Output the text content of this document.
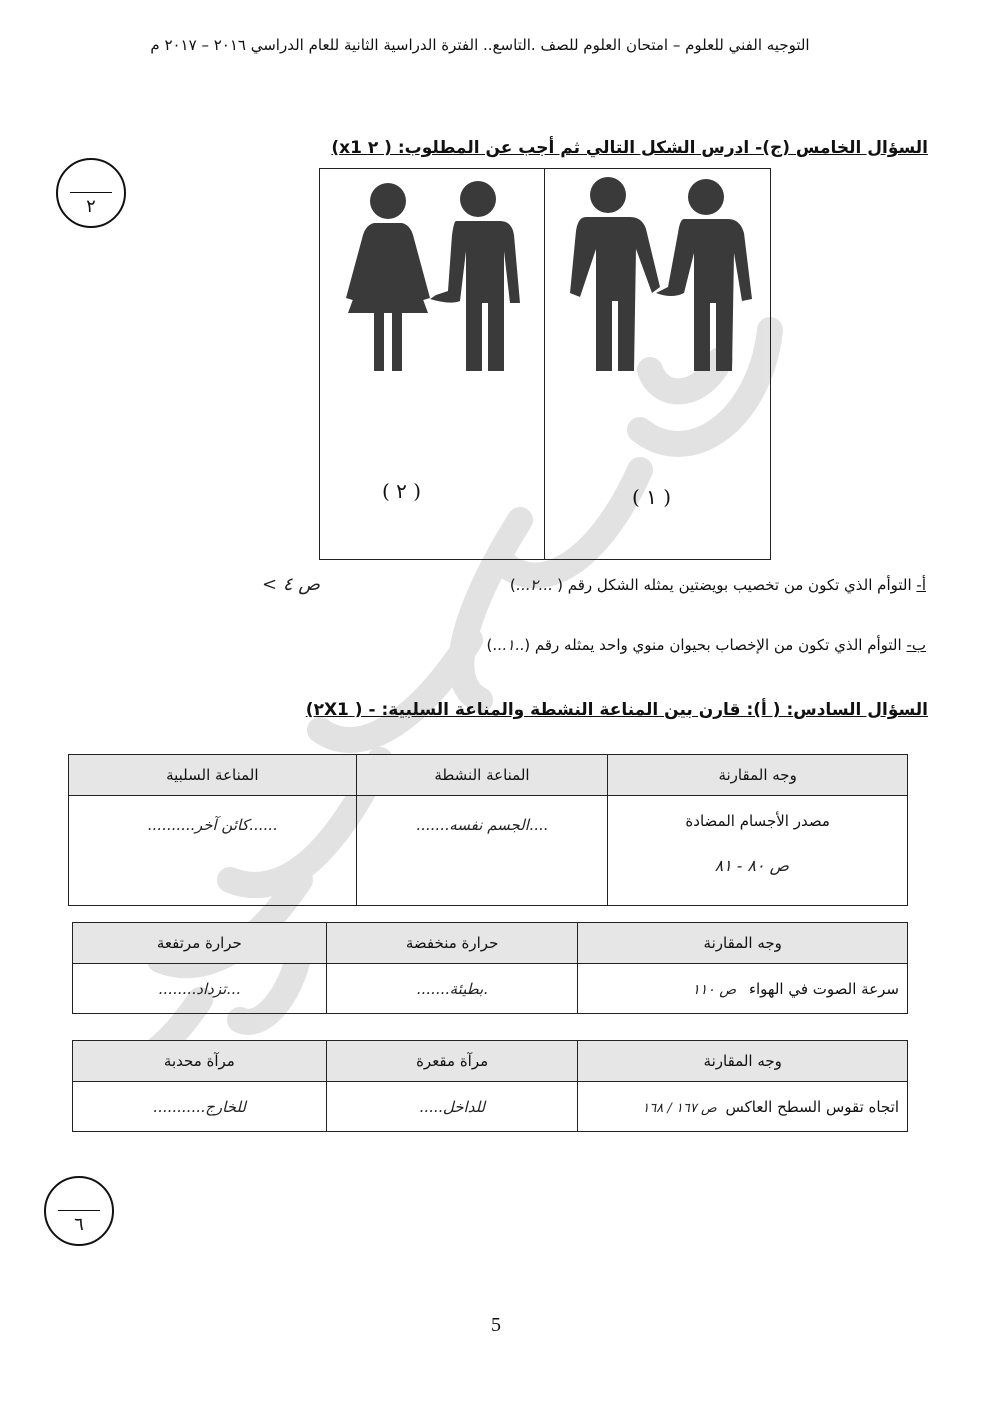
التوجيه الفني للعلوم – امتحان العلوم للصف .التاسع.. الفترة الدراسية الثانية للعام الدراسي ٢٠١٦ – ٢٠١٧ م
٢
السؤال الخامس (ج)- ادرس الشكل التالي ثم أجب عن المطلوب: ( ٢ x1)
( ٢ )	( ١ )
أ- التوأم الذي تكون من تخصيب بويضتين يمثله الشكل رقم ( ...٢...)
ص ٤ >
ب- التوأم الذي تكون من الإخصاب بحيوان منوي واحد يمثله رقم (..١...)
السؤال السادس: ( أ): قارن بين المناعة النشطة والمناعة السلبية: - ( ٢X1)
وجه المقارنة	المناعة النشطة	المناعة السلبية

مصدر الأجسام المضادة
ص ٨٠ - ٨١	....الجسم نفسه.......	......كائن آخر..........
وجه المقارنة	حرارة منخفضة	حرارة مرتفعة
سرعة الصوت في الهواء ص ١١٠	.بطيئة.......	...تزداد........
وجه المقارنة	مرآة مقعرة	مرآة محدبة
اتجاه تقوس السطح العاكس ص ١٦٧ / ١٦٨	للداخل.....	للخارج...........
٦
5
